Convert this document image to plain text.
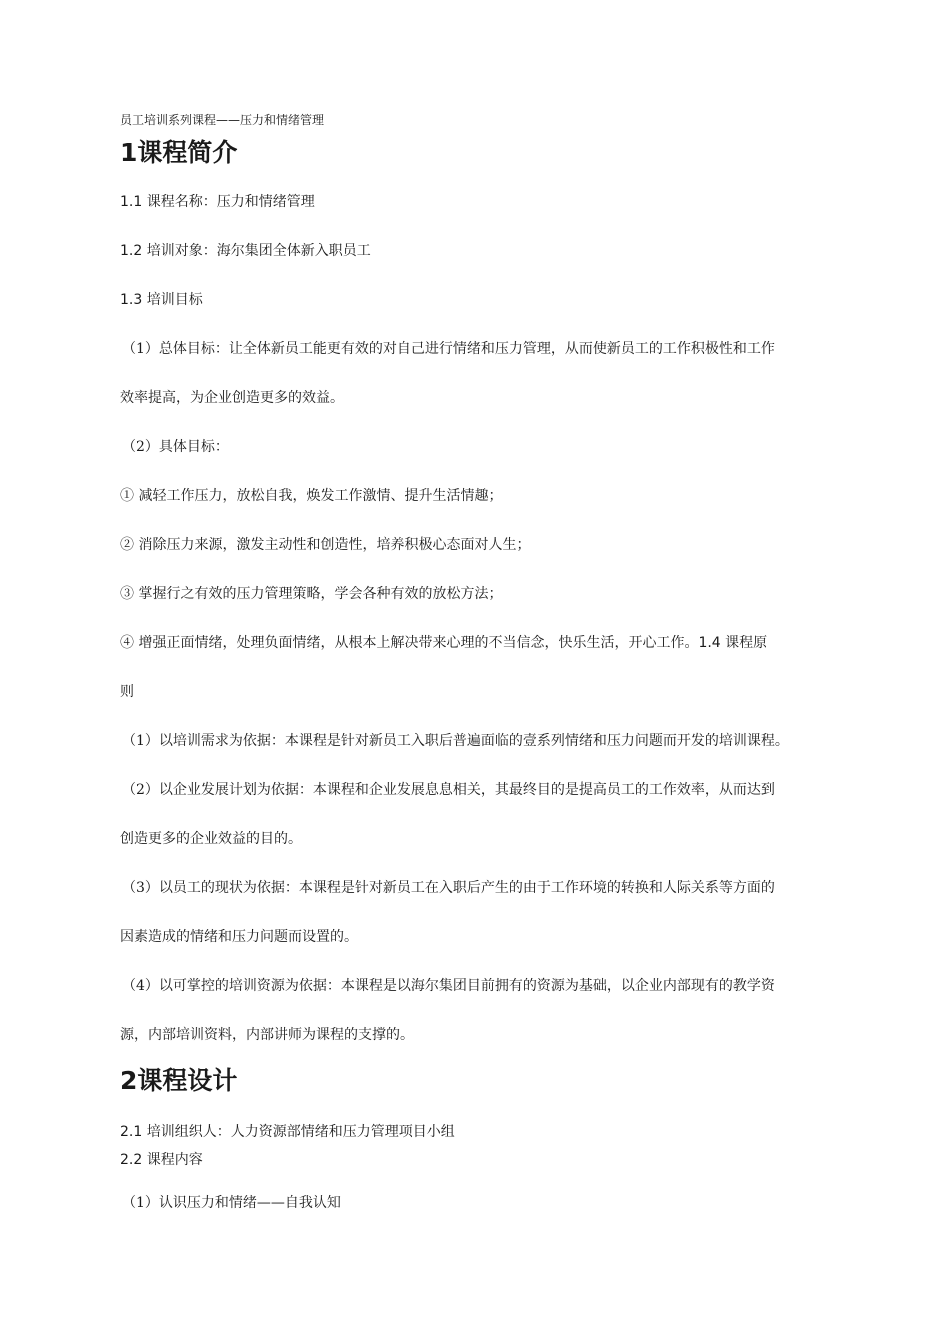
员工培训系列课程——压力和情绪管理
1课程简介
1.1 课程名称：压力和情绪管理
1.2 培训对象：海尔集团全体新入职员工
1.3 培训目标
（1）总体目标：让全体新员工能更有效的对自己进行情绪和压力管理，从而使新员工的工作积极性和工作
效率提高，为企业创造更多的效益。
（2）具体目标：
① 减轻工作压力，放松自我，焕发工作激情、提升生活情趣；
② 消除压力来源，激发主动性和创造性，培养积极心态面对人生；
③ 掌握行之有效的压力管理策略，学会各种有效的放松方法；
④ 增强正面情绪，处理负面情绪，从根本上解决带来心理的不当信念，快乐生活，开心工作。1.4 课程原
则
（1）以培训需求为依据：本课程是针对新员工入职后普遍面临的壹系列情绪和压力问题而开发的培训课程。
（2）以企业发展计划为依据：本课程和企业发展息息相关，其最终目的是提高员工的工作效率，从而达到
创造更多的企业效益的目的。
（3）以员工的现状为依据：本课程是针对新员工在入职后产生的由于工作环境的转换和人际关系等方面的
因素造成的情绪和压力问题而设置的。
（4）以可掌控的培训资源为依据：本课程是以海尔集团目前拥有的资源为基础，以企业内部现有的教学资
源，内部培训资料，内部讲师为课程的支撑的。
2课程设计
2.1 培训组织人：人力资源部情绪和压力管理项目小组
2.2 课程内容
（1）认识压力和情绪——自我认知
